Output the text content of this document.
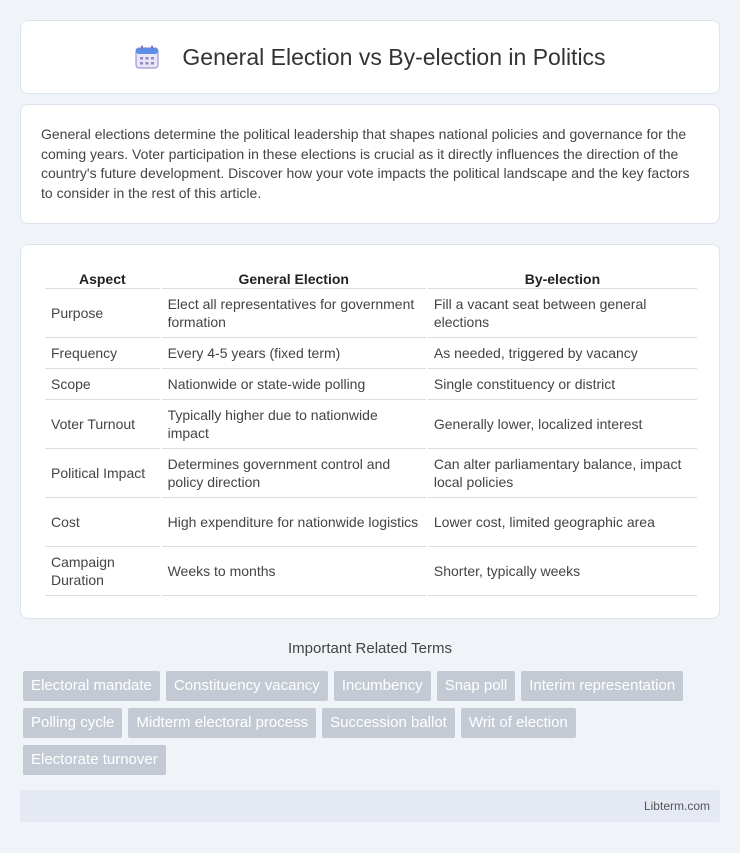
General Election vs By-election in Politics

General elections determine the political leadership that shapes national policies and governance for the coming years. Voter participation in these elections is crucial as it directly influences the direction of the country's future development. Discover how your vote impacts the political landscape and the key factors to consider in the rest of this article.

Aspect	General Election	By-election
Purpose	Elect all representatives for government formation	Fill a vacant seat between general elections
Frequency	Every 4-5 years (fixed term)	As needed, triggered by vacancy
Scope	Nationwide or state-wide polling	Single constituency or district
Voter Turnout	Typically higher due to nationwide impact	Generally lower, localized interest
Political Impact	Determines government control and policy direction	Can alter parliamentary balance, impact local policies
Cost	High expenditure for nationwide logistics	Lower cost, limited geographic area
Campaign Duration	Weeks to months	Shorter, typically weeks
Important Related Terms
Electoral mandate	Constituency vacancy	Incumbency	Snap poll	Interim representation
Polling cycle	Midterm electoral process	Succession ballot	Writ of election
Electorate turnover
Libterm.com
